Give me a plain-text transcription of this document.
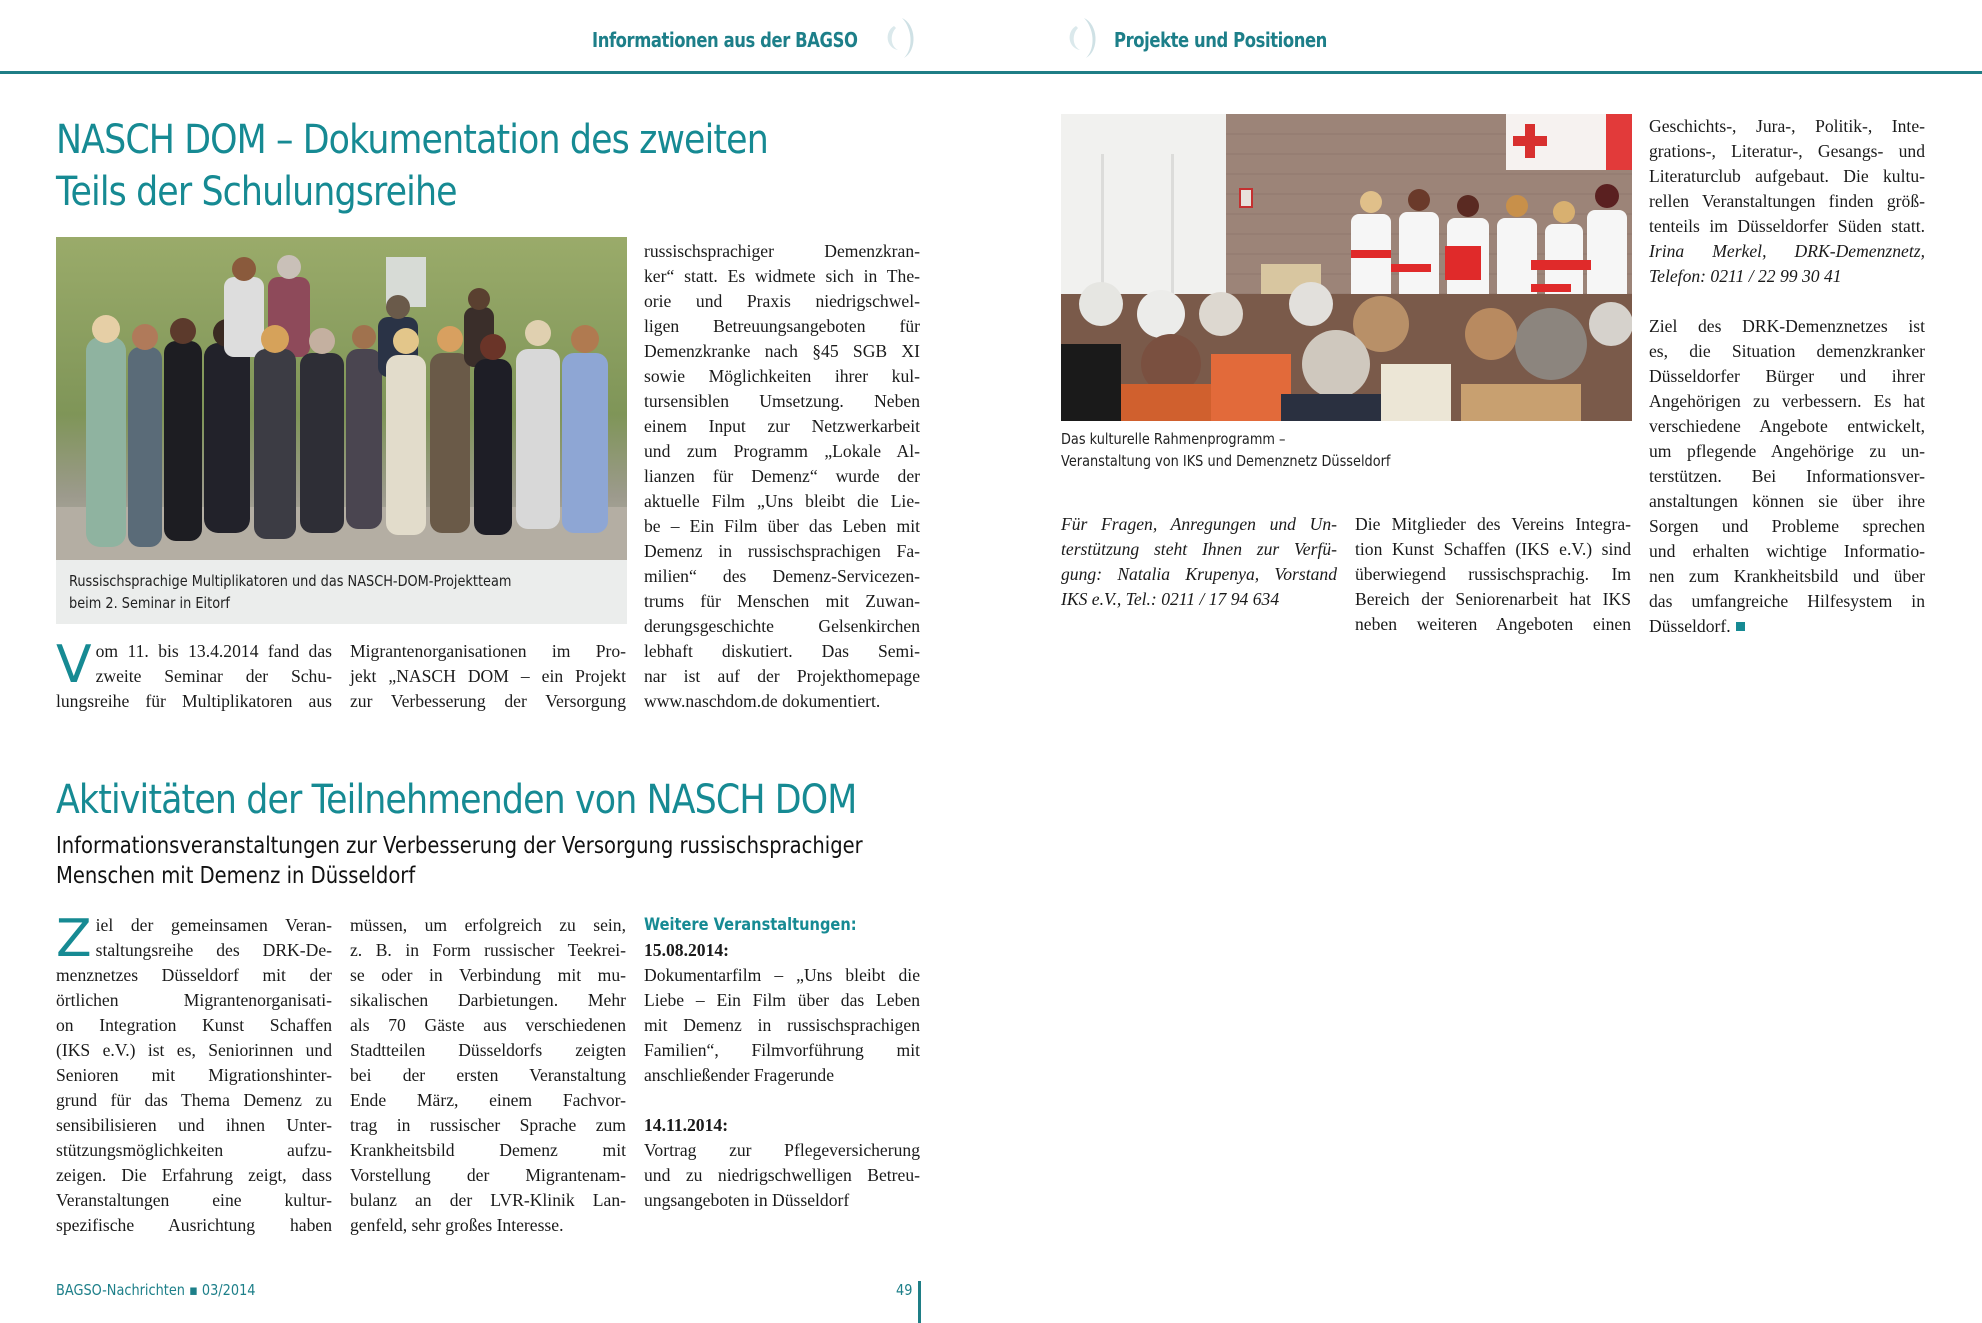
Informationen aus der BAGSO	Projekte und Positionen
NASCH DOM – Dokumentation des zweiten
Teils der Schulungsreihe
Russischsprachige Multiplikatoren und das NASCH-DOM-Projektteam
beim 2. Seminar in Eitorf
V om 11. bis 13.4.2014 fand das

zweite Seminar der Schu-

lungsreihe für Multiplikatoren aus

Migrantenorganisationen im Pro-

jekt „NASCH DOM – ein Projekt

zur Verbesserung der Versorgung

russischsprachiger Demenzkran-

ker“ statt. Es widmete sich in The-

orie und Praxis niedrigschwel-

ligen Betreuungsangeboten für

Demenzkranke nach §45 SGB XI

sowie Möglichkeiten ihrer kul-

tursensiblen Umsetzung. Neben

einem Input zur Netzwerkarbeit

und zum Programm „Lokale Al-

lianzen für Demenz“ wurde der

aktuelle Film „Uns bleibt die Lie-

be – Ein Film über das Leben mit

Demenz in russischsprachigen Fa-

milien“ des Demenz-Servicezen-

trums für Menschen mit Zuwan-

derungsgeschichte Gelsenkirchen

lebhaft diskutiert. Das Semi-

nar ist auf der Projekthomepage

www.naschdom.de dokumentiert.

Aktivitäten der Teilnehmenden von NASCH DOM
Informationsveranstaltungen zur Verbesserung der Versorgung russischsprachiger
Menschen mit Demenz in Düsseldorf
Z iel der gemeinsamen Veran-

staltungsreihe des DRK-De-

menznetzes Düsseldorf mit der

örtlichen Migrantenorganisati-

on Integration Kunst Schaffen

(IKS e.V.) ist es, Seniorinnen und

Senioren mit Migrationshinter-

grund für das Thema Demenz zu

sensibilisieren und ihnen Unter-

stützungsmöglichkeiten aufzu-

zeigen. Die Erfahrung zeigt, dass

Veranstaltungen eine kultur-

spezifische Ausrichtung haben

müssen, um erfolgreich zu sein,

z. B. in Form russischer Teekrei-

se oder in Verbindung mit mu-

sikalischen Darbietungen. Mehr

als 70 Gäste aus verschiedenen

Stadtteilen Düsseldorfs zeigten

bei der ersten Veranstaltung

Ende März, einem Fachvor-

trag in russischer Sprache zum

Krankheitsbild Demenz mit

Vorstellung der Migrantenam-

bulanz an der LVR-Klinik Lan-

genfeld, sehr großes Interesse.

Weitere Veranstaltungen:

15.08.2014:

Dokumentarfilm – „Uns bleibt die

Liebe – Ein Film über das Leben

mit Demenz in russischsprachigen

Familien“, Filmvorführung mit

anschließender Fragerunde

14.11.2014:

Vortrag zur Pflegeversicherung

und zu niedrigschwelligen Betreu-

ungsangeboten in Düsseldorf

BAGSO-Nachrichten ▪ 03/2014	49
Das kulturelle Rahmenprogramm –
Veranstaltung von IKS und Demenznetz Düsseldorf

Für Fragen, Anregungen und Un-

terstützung steht Ihnen zur Verfü-

gung: Natalia Krupenya, Vorstand

IKS e.V., Tel.: 0211 / 17 94 634

Die Mitglieder des Vereins Integra-

tion Kunst Schaffen (IKS e.V.) sind

überwiegend russischsprachig. Im

Bereich der Seniorenarbeit hat IKS

neben weiteren Angeboten einen

Geschichts-, Jura-, Politik-, Inte-

grations-, Literatur-, Gesangs- und

Literaturclub aufgebaut. Die kultu-

rellen Veranstaltungen finden größ-

tenteils im Düsseldorfer Süden statt.

Irina Merkel, DRK-Demenznetz,

Telefon: 0211 / 22 99 30 41

Ziel des DRK-Demenznetzes ist

es, die Situation demenzkranker

Düsseldorfer Bürger und ihrer

Angehörigen zu verbessern. Es hat

verschiedene Angebote entwickelt,

um pflegende Angehörige zu un-

terstützen. Bei Informationsver-

anstaltungen können sie über ihre

Sorgen und Probleme sprechen

und erhalten wichtige Informatio-

nen zum Krankheitsbild und über

das umfangreiche Hilfesystem in

Düsseldorf.
